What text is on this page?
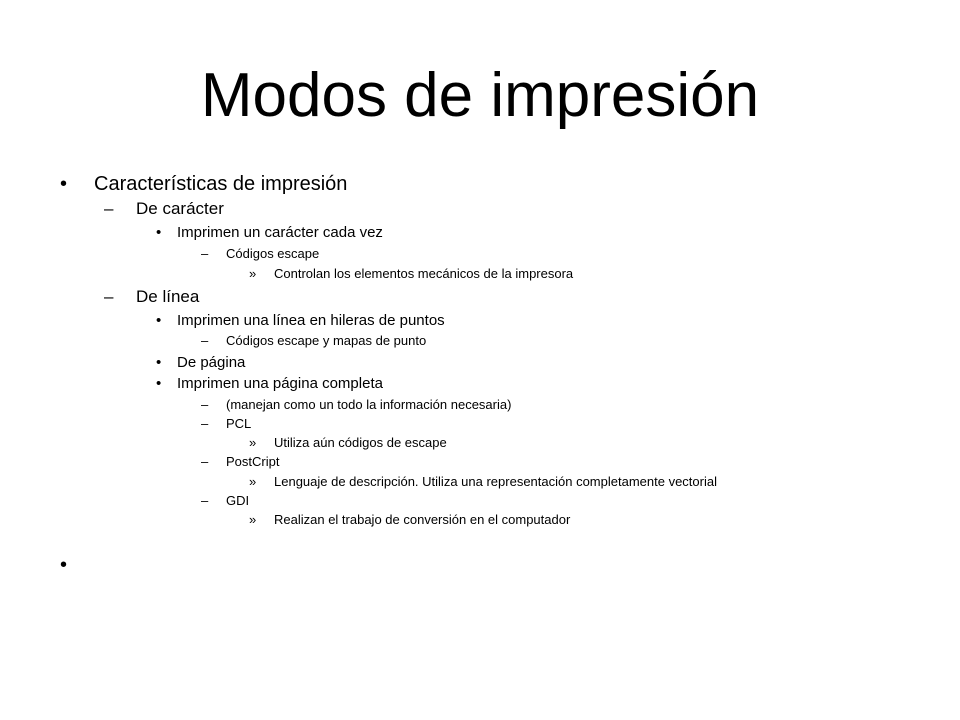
Modos de impresión
• Características de impresión
– De carácter
• Imprimen un carácter cada vez
– Códigos escape
» Controlan los elementos mecánicos de la impresora
– De línea
• Imprimen una línea en hileras de puntos
– Códigos escape y mapas de punto
• De página
• Imprimen una página completa
– (manejan como un todo la información necesaria)
– PCL
» Utiliza aún códigos de escape
– PostCript
» Lenguaje de descripción. Utiliza una representación completamente vectorial
– GDI
» Realizan el trabajo de conversión en el computador
•
